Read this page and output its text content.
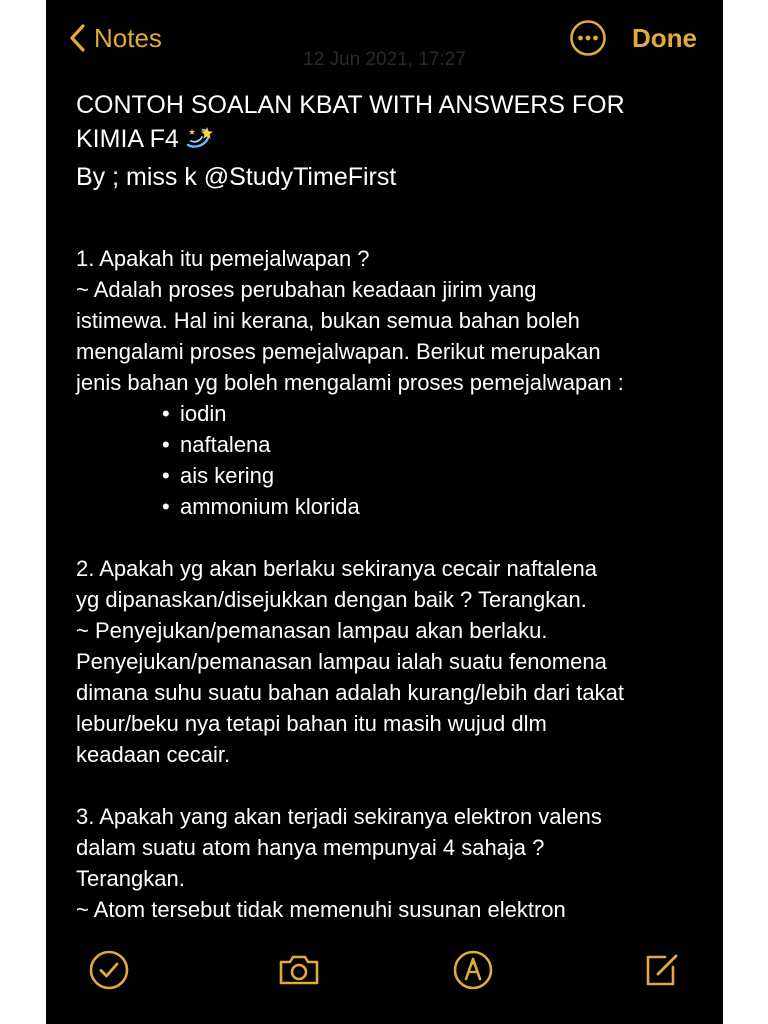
Notes	Done
12 Jun 2021, 17:27
CONTOH SOALAN KBAT WITH ANSWERS FOR
KIMIA F4
By ; miss k @StudyTimeFirst
1. Apakah itu pemejalwapan ?
~ Adalah proses perubahan keadaan jirim yang
istimewa. Hal ini kerana, bukan semua bahan boleh
mengalami proses pemejalwapan. Berikut merupakan
jenis bahan yg boleh mengalami proses pemejalwapan :
• iodin
• naftalena
• ais kering
• ammonium klorida
2. Apakah yg akan berlaku sekiranya cecair naftalena
yg dipanaskan/disejukkan dengan baik ? Terangkan.
~ Penyejukan/pemanasan lampau akan berlaku.
Penyejukan/pemanasan lampau ialah suatu fenomena
dimana suhu suatu bahan adalah kurang/lebih dari takat
lebur/beku nya tetapi bahan itu masih wujud dlm
keadaan cecair.
3. Apakah yang akan terjadi sekiranya elektron valens
dalam suatu atom hanya mempunyai 4 sahaja ?
Terangkan.
~ Atom tersebut tidak memenuhi susunan elektron
